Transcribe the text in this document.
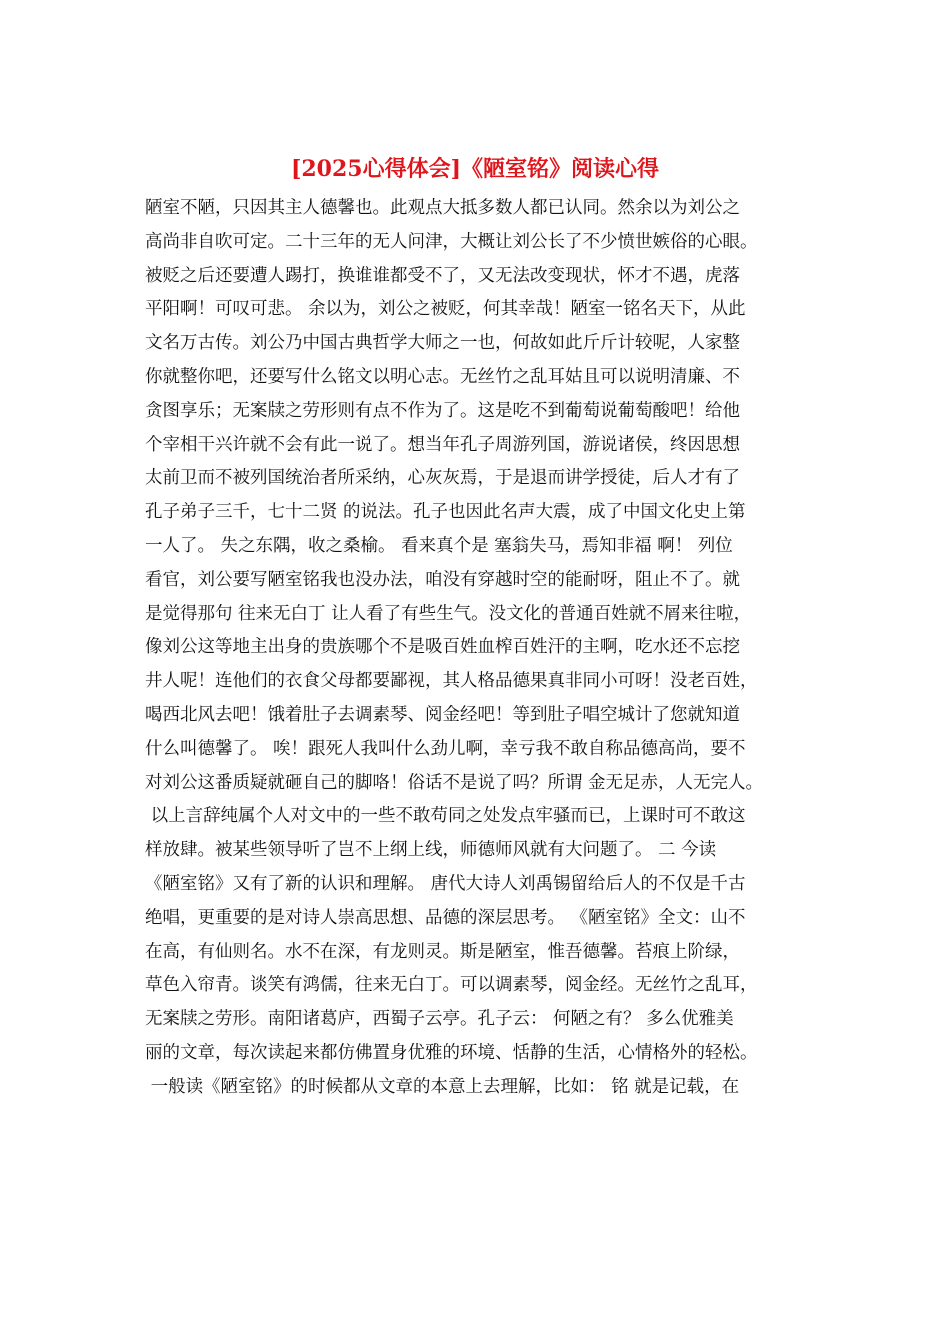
[2025心得体会]《陋室铭》阅读心得
陋室不陋，只因其主人德馨也。此观点大抵多数人都已认同。然余以为刘公之
高尚非自吹可定。二十三年的无人问津，大概让刘公长了不少愤世嫉俗的心眼。
被贬之后还要遭人踢打，换谁谁都受不了，又无法改变现状，怀才不遇，虎落
平阳啊！可叹可悲。 余以为，刘公之被贬，何其幸哉！陋室一铭名天下，从此
文名万古传。刘公乃中国古典哲学大师之一也，何故如此斤斤计较呢，人家整
你就整你吧，还要写什么铭文以明心志。无丝竹之乱耳姑且可以说明清廉、不
贪图享乐；无案牍之劳形则有点不作为了。这是吃不到葡萄说葡萄酸吧！给他
个宰相干兴许就不会有此一说了。想当年孔子周游列国，游说诸侯，终因思想
太前卫而不被列国统治者所采纳，心灰灰焉，于是退而讲学授徒，后人才有了
孔子弟子三千，七十二贤 的说法。孔子也因此名声大震，成了中国文化史上第
一人了。 失之东隅，收之桑榆。 看来真个是 塞翁失马，焉知非福 啊！ 列位
看官，刘公要写陋室铭我也没办法，咱没有穿越时空的能耐呀，阻止不了。就
是觉得那句 往来无白丁 让人看了有些生气。没文化的普通百姓就不屑来往啦，
像刘公这等地主出身的贵族哪个不是吸百姓血榨百姓汗的主啊，吃水还不忘挖
井人呢！连他们的衣食父母都要鄙视，其人格品德果真非同小可呀！没老百姓，
喝西北风去吧！饿着肚子去调素琴、阅金经吧！等到肚子唱空城计了您就知道
什么叫德馨了。 唉！跟死人我叫什么劲儿啊，幸亏我不敢自称品德高尚，要不
对刘公这番质疑就砸自己的脚咯！俗话不是说了吗？所谓 金无足赤，人无完人。
以上言辞纯属个人对文中的一些不敢苟同之处发点牢骚而已，上课时可不敢这
样放肆。被某些领导听了岂不上纲上线，师德师风就有大问题了。 二 今读
《陋室铭》又有了新的认识和理解。 唐代大诗人刘禹锡留给后人的不仅是千古
绝唱，更重要的是对诗人崇高思想、品德的深层思考。 《陋室铭》全文：山不
在高，有仙则名。水不在深，有龙则灵。斯是陋室，惟吾德馨。苔痕上阶绿，
草色入帘青。谈笑有鸿儒，往来无白丁。可以调素琴，阅金经。无丝竹之乱耳，
无案牍之劳形。南阳诸葛庐，西蜀子云亭。孔子云： 何陋之有？ 多么优雅美
丽的文章，每次读起来都仿佛置身优雅的环境、恬静的生活，心情格外的轻松。
一般读《陋室铭》的时候都从文章的本意上去理解，比如： 铭 就是记载，在
